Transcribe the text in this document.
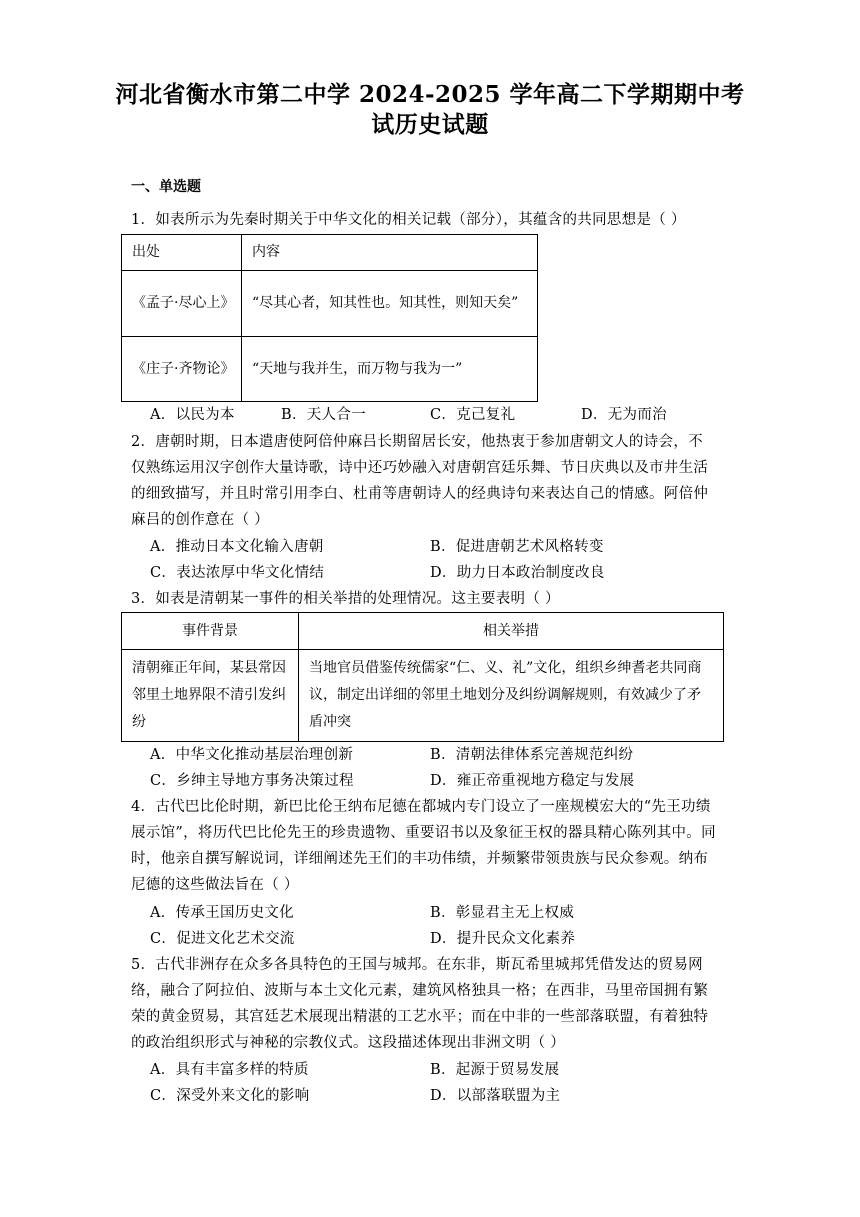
河北省衡水市第二中学 2024-2025 学年高二下学期期中考
试历史试题
一、单选题
1．如表所示为先秦时期关于中华文化的相关记载（部分），其蕴含的共同思想是（ ）
出处	内容
《孟子·尽心上》	“尽其心者，知其性也。知其性，则知天矣”
《庄子·齐物论》	“天地与我并生，而万物与我为一”
A．以民为本	B．天人合一	C．克己复礼	D．无为而治
2．唐朝时期，日本遣唐使阿倍仲麻吕长期留居长安，他热衷于参加唐朝文人的诗会，不
仅熟练运用汉字创作大量诗歌，诗中还巧妙融入对唐朝宫廷乐舞、节日庆典以及市井生活
的细致描写，并且时常引用李白、杜甫等唐朝诗人的经典诗句来表达自己的情感。阿倍仲
麻吕的创作意在（ ）
A．推动日本文化输入唐朝	B．促进唐朝艺术风格转变
C．表达浓厚中华文化情结	D．助力日本政治制度改良
3．如表是清朝某一事件的相关举措的处理情况。这主要表明（ ）
事件背景	相关举措
清朝雍正年间，某县常因邻里土地界限不清引发纠纷	当地官员借鉴传统儒家“仁、义、礼”文化，组织乡绅耆老共同商议，制定出详细的邻里土地划分及纠纷调解规则，有效减少了矛盾冲突
A．中华文化推动基层治理创新	B．清朝法律体系完善规范纠纷
C．乡绅主导地方事务决策过程	D．雍正帝重视地方稳定与发展
4．古代巴比伦时期，新巴比伦王纳布尼德在都城内专门设立了一座规模宏大的“先王功绩
展示馆”，将历代巴比伦先王的珍贵遗物、重要诏书以及象征王权的器具精心陈列其中。同
时，他亲自撰写解说词，详细阐述先王们的丰功伟绩，并频繁带领贵族与民众参观。纳布
尼德的这些做法旨在（ ）
A．传承王国历史文化	B．彰显君主无上权威
C．促进文化艺术交流	D．提升民众文化素养
5．古代非洲存在众多各具特色的王国与城邦。在东非，斯瓦希里城邦凭借发达的贸易网
络，融合了阿拉伯、波斯与本土文化元素，建筑风格独具一格；在西非，马里帝国拥有繁
荣的黄金贸易，其宫廷艺术展现出精湛的工艺水平；而在中非的一些部落联盟，有着独特
的政治组织形式与神秘的宗教仪式。这段描述体现出非洲文明（ ）
A．具有丰富多样的特质	B．起源于贸易发展
C．深受外来文化的影响	D．以部落联盟为主
